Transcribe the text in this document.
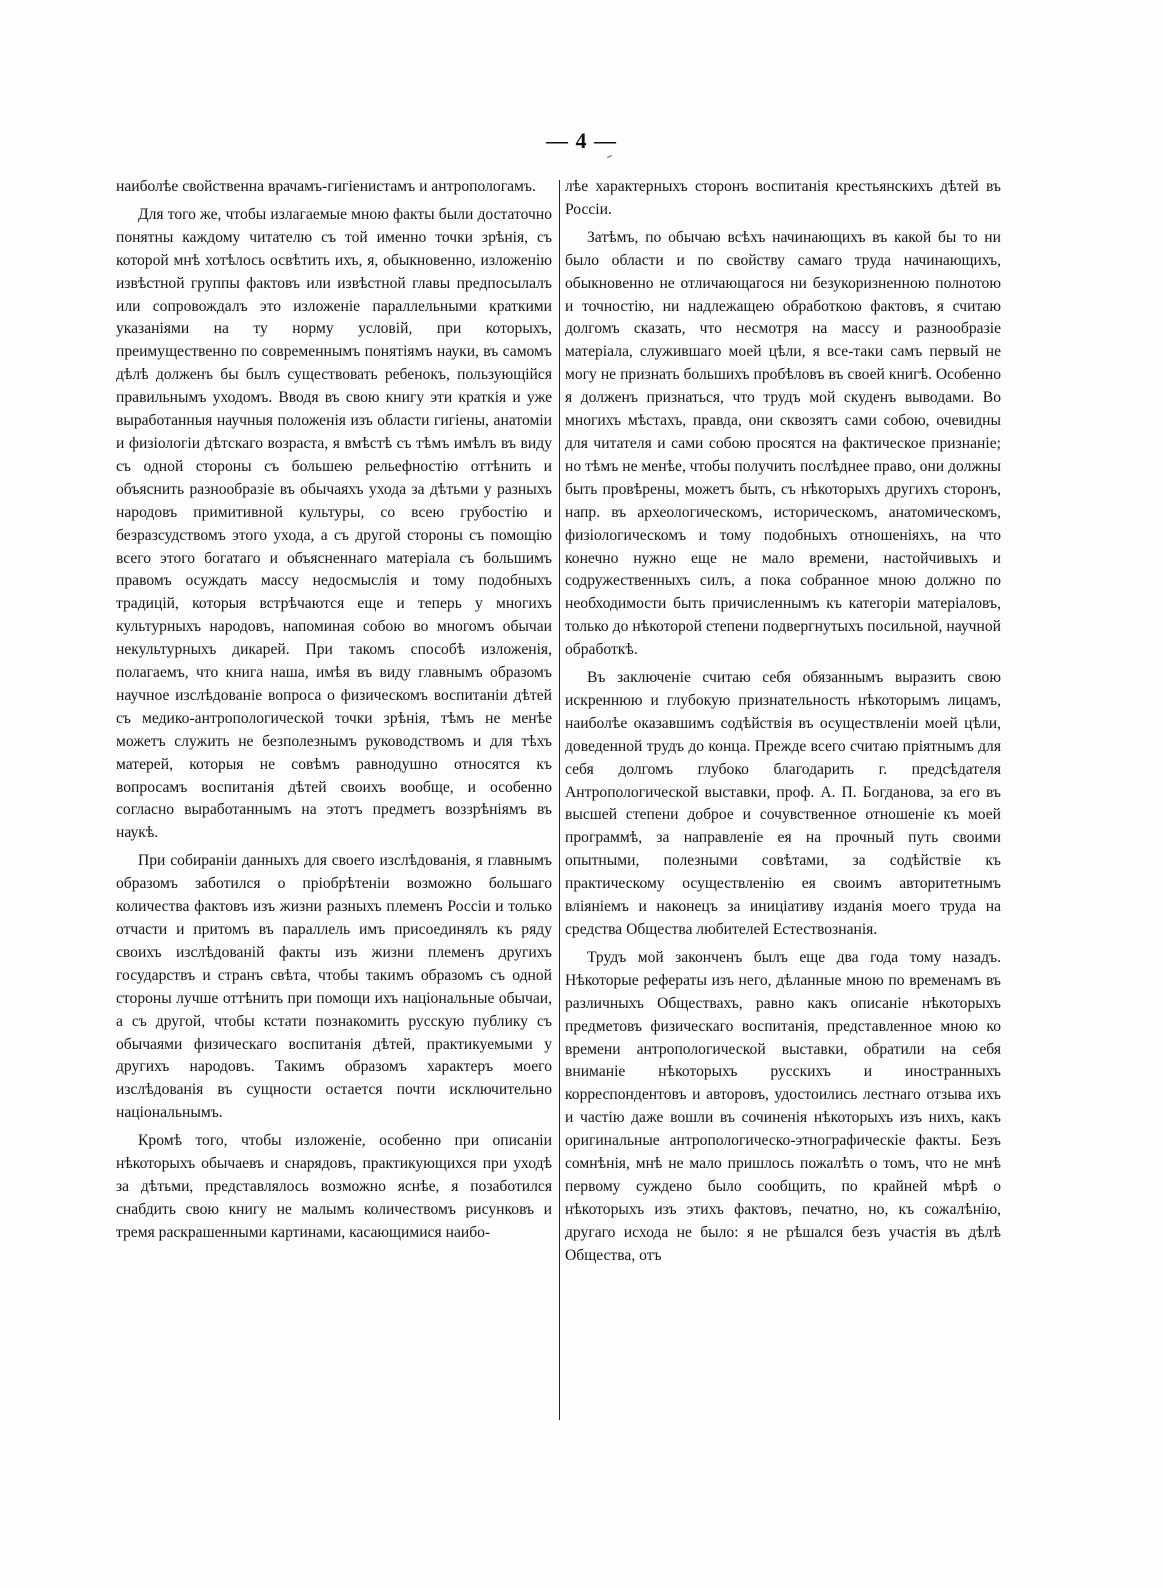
— 4 —

наиболѣе свойственна врачамъ-гигіенистамъ и антропологамъ.

Для того же, чтобы излагаемые мною факты были достаточно понятны каждому читателю съ той именно точки зрѣнія, съ которой мнѣ хотѣлось освѣтить ихъ, я, обыкновенно, изложенію извѣстной группы фактовъ или извѣстной главы предпосылалъ или сопровождалъ это изложеніе параллельными краткими указаніями на ту норму условій, при которыхъ, преимущественно по современнымъ понятіямъ науки, въ самомъ дѣлѣ долженъ бы былъ существовать ребенокъ, пользующійся правильнымъ уходомъ. Вводя въ свою книгу эти краткія и уже выработанныя научныя положенія изъ области гигіены, анатоміи и физіологіи дѣтскаго возраста, я вмѣстѣ съ тѣмъ имѣлъ въ виду съ одной стороны съ большею рельефностію оттѣнить и объяснить разнообразіе въ обычаяхъ ухода за дѣтьми у разныхъ народовъ примитивной культуры, со всею грубостію и безразсудствомъ этого ухода, а съ другой стороны съ помощію всего этого богатаго и объясненнаго матеріала съ большимъ правомъ осуждать массу недосмыслія и тому подобныхъ традицій, которыя встрѣчаются еще и теперь у многихъ культурныхъ народовъ, напоминая собою во многомъ обычаи некультурныхъ дикарей. При такомъ способѣ изложенія, полагаемъ, что книга наша, имѣя въ виду главнымъ образомъ научное изслѣдованіе вопроса о физическомъ воспитаніи дѣтей съ медико-антропологической точки зрѣнія, тѣмъ не менѣе можетъ служить не безполезнымъ руководствомъ и для тѣхъ матерей, которыя не совѣмъ равнодушно относятся къ вопросамъ воспитанія дѣтей своихъ вообще, и особенно согласно выработаннымъ на этотъ предметъ воззрѣніямъ въ наукѣ.

При собираніи данныхъ для своего изслѣдованія, я главнымъ образомъ заботился о пріобрѣтеніи возможно большаго количества фактовъ изъ жизни разныхъ племенъ Россіи и только отчасти и притомъ въ параллель имъ присоединялъ къ ряду своихъ изслѣдованій факты изъ жизни племенъ другихъ государствъ и странъ свѣта, чтобы такимъ образомъ съ одной стороны лучше оттѣнить при помощи ихъ національные обычаи, а съ другой, чтобы кстати познакомить русскую публику съ обычаями физическаго воспитанія дѣтей, практикуемыми у другихъ народовъ. Такимъ образомъ характеръ моего изслѣдованія въ сущности остается почти исключительно національнымъ.

Кромѣ того, чтобы изложеніе, особенно при описаніи нѣкоторыхъ обычаевъ и снарядовъ, практикующихся при уходѣ за дѣтьми, представлялось возможно яснѣе, я позаботился снабдить свою книгу не малымъ количествомъ рисунковъ и тремя раскрашенными картинами, касающимися наибо-

лѣе характерныхъ сторонъ воспитанія крестьянскихъ дѣтей въ Россіи.

Затѣмъ, по обычаю всѣхъ начинающихъ въ какой бы то ни было области и по свойству самаго труда начинающихъ, обыкновенно не отличающагося ни безукоризненною полнотою и точностію, ни надлежащею обработкою фактовъ, я считаю долгомъ сказать, что несмотря на массу и разнообразіе матеріала, служившаго моей цѣли, я все-таки самъ первый не могу не признать большихъ пробѣловъ въ своей книгѣ. Особенно я долженъ признаться, что трудъ мой скуденъ выводами. Во многихъ мѣстахъ, правда, они сквозятъ сами собою, очевидны для читателя и сами собою просятся на фактическое признаніе; но тѣмъ не менѣе, чтобы получить послѣднее право, они должны быть провѣрены, можетъ быть, съ нѣкоторыхъ другихъ сторонъ, напр. въ археологическомъ, историческомъ, анатомическомъ, физіологическомъ и тому подобныхъ отношеніяхъ, на что конечно нужно еще не мало времени, настойчивыхъ и содружественныхъ силъ, а пока собранное мною должно по необходимости быть причисленнымъ къ категоріи матеріаловъ, только до нѣкоторой степени подвергнутыхъ посильной, научной обработкѣ.

Въ заключеніе считаю себя обязаннымъ выразить свою искреннюю и глубокую признательность нѣкоторымъ лицамъ, наиболѣе оказавшимъ содѣйствія въ осуществленіи моей цѣли, доведенной трудъ до конца. Прежде всего считаю пріятнымъ для себя долгомъ глубоко благодарить г. предсѣдателя Антропологической выставки, проф. А. П. Богданова, за его въ высшей степени доброе и сочувственное отношеніе къ моей программѣ, за направленіе ея на прочный путь своими опытными, полезными совѣтами, за содѣйствіе къ практическому осуществленію ея своимъ авторитетнымъ вліяніемъ и наконецъ за иниціативу изданія моего труда на средства Общества любителей Естествознанія.

Трудъ мой законченъ былъ еще два года тому назадъ. Нѣкоторые рефераты изъ него, дѣланные мною по временамъ въ различныхъ Обществахъ, равно какъ описаніе нѣкоторыхъ предметовъ физическаго воспитанія, представленное мною ко времени антропологической выставки, обратили на себя вниманіе нѣкоторыхъ русскихъ и иностранныхъ корреспондентовъ и авторовъ, удостоились лестнаго отзыва ихъ и частію даже вошли въ сочиненія нѣкоторыхъ изъ нихъ, какъ оригинальные антропологическо-этнографическіе факты. Безъ сомнѣнія, мнѣ не мало пришлось пожалѣть о томъ, что не мнѣ первому суждено было сообщить, по крайней мѣрѣ о нѣкоторыхъ изъ этихъ фактовъ, печатно, но, къ сожалѣнію, другаго исхода не было: я не рѣшался безъ участія въ дѣлѣ Общества, отъ
